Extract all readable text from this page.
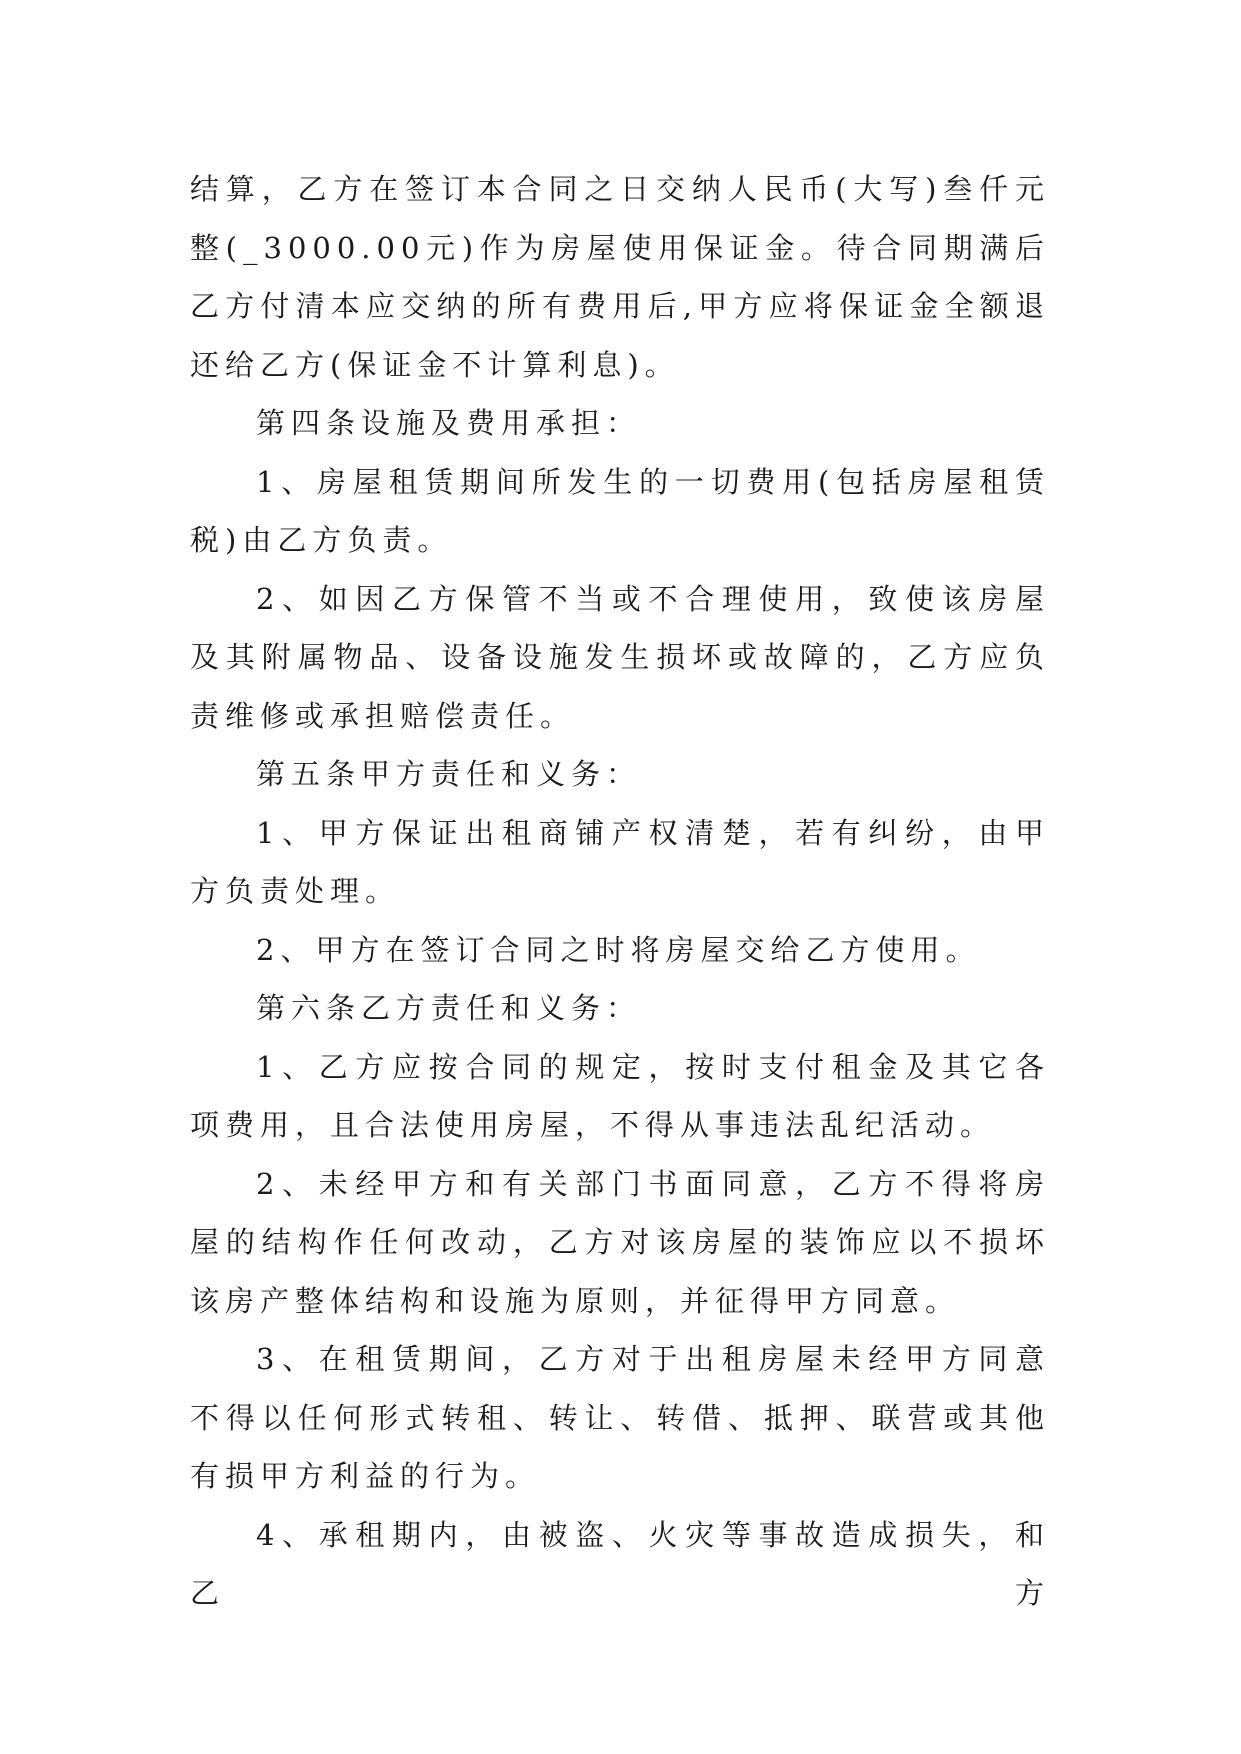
结算，乙方在签订本合同之日交纳人民币(大写)叁仟元整(_3000.00元)作为房屋使用保证金。待合同期满后乙方付清本应交纳的所有费用后,甲方应将保证金全额退还给乙方(保证金不计算利息)。

第四条设施及费用承担：

1、房屋租赁期间所发生的一切费用(包括房屋租赁税)由乙方负责。

2、如因乙方保管不当或不合理使用，致使该房屋及其附属物品、设备设施发生损坏或故障的，乙方应负责维修或承担赔偿责任。

第五条甲方责任和义务：

1、甲方保证出租商铺产权清楚，若有纠纷，由甲方负责处理。

2、甲方在签订合同之时将房屋交给乙方使用。

第六条乙方责任和义务：

1、乙方应按合同的规定，按时支付租金及其它各项费用，且合法使用房屋，不得从事违法乱纪活动。

2、未经甲方和有关部门书面同意，乙方不得将房屋的结构作任何改动，乙方对该房屋的装饰应以不损坏该房产整体结构和设施为原则，并征得甲方同意。

3、在租赁期间，乙方对于出租房屋未经甲方同意不得以任何形式转租、转让、转借、抵押、联营或其他有损甲方利益的行为。

4、承租期内，由被盗、火灾等事故造成损失，和乙方
